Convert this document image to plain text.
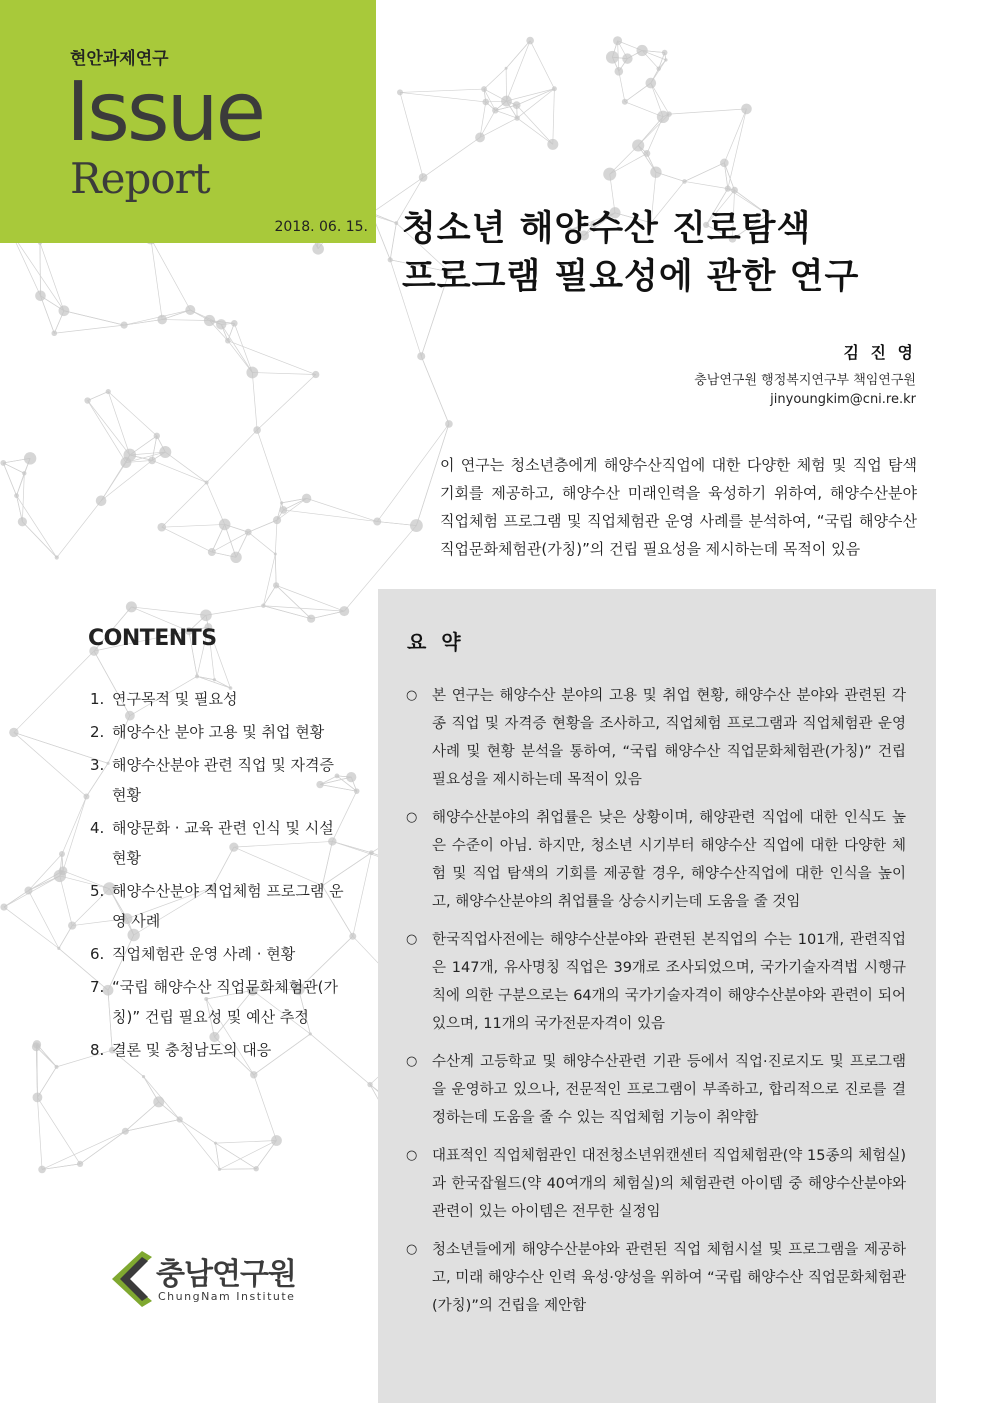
현안과제연구
Issue
Report
2018. 06. 15. 청소년 해양수산 진로탐색
프로그램 필요성에 관한 연구
김 진 영
충남연구원 행정복지연구부 책임연구원
jinyoungkim@cni.re.kr
이 연구는 청소년층에게 해양수산직업에 대한 다양한 체험 및 직업 탐색기회를 제공하고, 해양수산 미래인력을 육성하기 위하여, 해양수산분야 직업체험 프로그램 및 직업체험관 운영 사례를 분석하여, “국립 해양수산 직업문화체험관(가칭)”의 건립 필요성을 제시하는데 목적이 있음
CONTENTS
1. 연구목적 및 필요성
2. 해양수산 분야 고용 및 취업 현황
3. 해양수산분야 관련 직업 및 자격증 현황
4. 해양문화 · 교육 관련 인식 및 시설 현황
5. 해양수산분야 직업체험 프로그램 운영 사례
6. 직업체험관 운영 사례 · 현황
7. “국립 해양수산 직업문화체험관(가칭)” 건립 필요성 및 예산 추정
8. 결론 및 충청남도의 대응
요 약
○	본 연구는 해양수산 분야의 고용 및 취업 현황, 해양수산 분야와 관련된 각종 직업 및 자격증 현황을 조사하고, 직업체험 프로그램과 직업체험관 운영 사례 및 현황 분석을 통하여, “국립 해양수산 직업문화체험관(가칭)” 건립 필요성을 제시하는데 목적이 있음
○	해양수산분야의 취업률은 낮은 상황이며, 해양관련 직업에 대한 인식도 높은 수준이 아님. 하지만, 청소년 시기부터 해양수산 직업에 대한 다양한 체험 및 직업 탐색의 기회를 제공할 경우, 해양수산직업에 대한 인식을 높이고, 해양수산분야의 취업률을 상승시키는데 도움을 줄 것임
○	한국직업사전에는 해양수산분야와 관련된 본직업의 수는 101개, 관련직업은 147개, 유사명칭 직업은 39개로 조사되었으며, 국가기술자격법 시행규칙에 의한 구분으로는 64개의 국가기술자격이 해양수산분야와 관련이 되어 있으며, 11개의 국가전문자격이 있음
○	수산계 고등학교 및 해양수산관련 기관 등에서 직업·진로지도 및 프로그램을 운영하고 있으나, 전문적인 프로그램이 부족하고, 합리적으로 진로를 결정하는데 도움을 줄 수 있는 직업체험 기능이 취약함
○	대표적인 직업체험관인 대전청소년위캔센터 직업체험관(약 15종의 체험실)과 한국잡월드(약 40여개의 체험실)의 체험관련 아이템 중 해양수산분야와 관련이 있는 아이템은 전무한 실정임
○	청소년들에게 해양수산분야와 관련된 직업 체험시설 및 프로그램을 제공하고, 미래 해양수산 인력 육성·양성을 위하여 “국립 해양수산 직업문화체험관(가칭)”의 건립을 제안함
충남연구원
ChungNam Institute
